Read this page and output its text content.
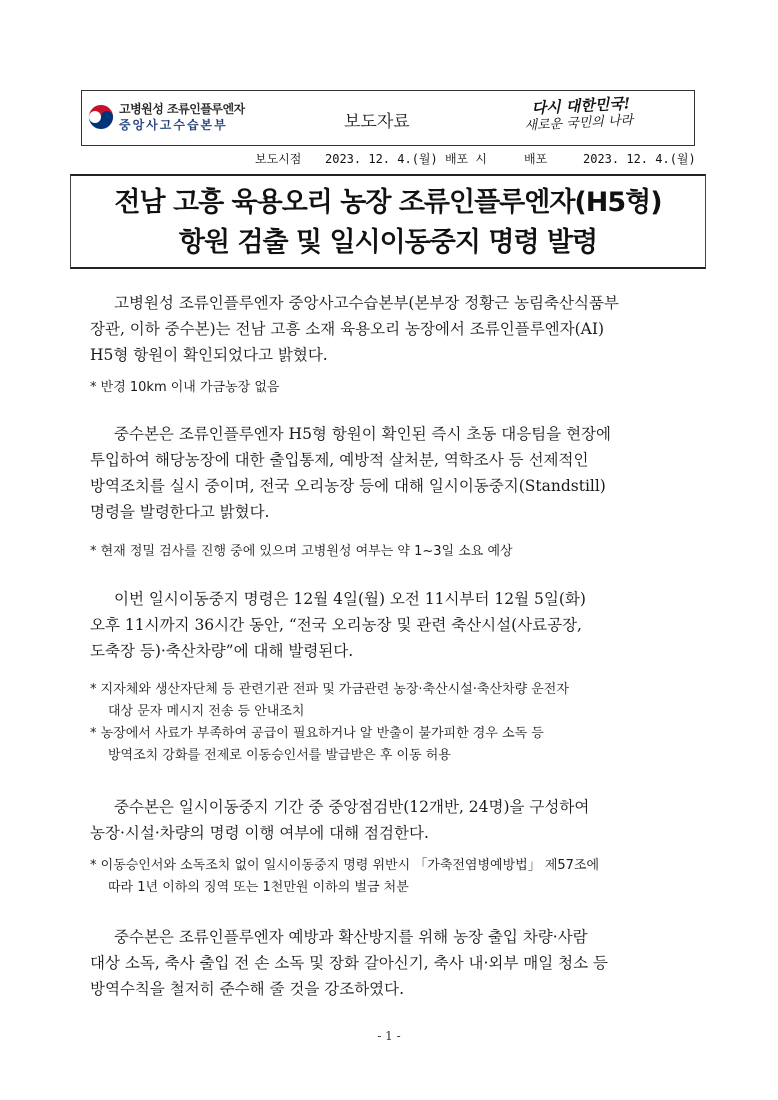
고병원성 조류인플루엔자
중앙사고수습본부	보도자료
다시 대한민국!
새로운 국민의 나라
보도시점 2023. 12. 4.(월) 배포 시	배포	2023. 12. 4.(월)
전남 고흥 육용오리 농장 조류인플루엔자(H5형)
항원 검출 및 일시이동중지 명령 발령
고병원성 조류인플루엔자 중앙사고수습본부(본부장 정황근 농림축산식품부
장관, 이하 중수본)는 전남 고흥 소재 육용오리 농장에서 조류인플루엔자(AI)
H5형 항원이 확인되었다고 밝혔다.
* 반경 10km 이내 가금농장 없음
중수본은 조류인플루엔자 H5형 항원이 확인된 즉시 초동 대응팀을 현장에
투입하여 해당농장에 대한 출입통제, 예방적 살처분, 역학조사 등 선제적인
방역조치를 실시 중이며, 전국 오리농장 등에 대해 일시이동중지(Standstill)
명령을 발령한다고 밝혔다.
* 현재 정밀 검사를 진행 중에 있으며 고병원성 여부는 약 1~3일 소요 예상
이번 일시이동중지 명령은 12월 4일(월) 오전 11시부터 12월 5일(화)
오후 11시까지 36시간 동안, “전국 오리농장 및 관련 축산시설(사료공장,
도축장 등)·축산차량”에 대해 발령된다.
* 지자체와 생산자단체 등 관련기관 전파 및 가금관련 농장·축산시설·축산차량 운전자
대상 문자 메시지 전송 등 안내조치
* 농장에서 사료가 부족하여 공급이 필요하거나 알 반출이 불가피한 경우 소독 등
방역조치 강화를 전제로 이동승인서를 발급받은 후 이동 허용
중수본은 일시이동중지 기간 중 중앙점검반(12개반, 24명)을 구성하여
농장·시설·차량의 명령 이행 여부에 대해 점검한다.
* 이동승인서와 소독조치 없이 일시이동중지 명령 위반시 「가축전염병예방법」 제57조에
따라 1년 이하의 징역 또는 1천만원 이하의 벌금 처분
중수본은 조류인플루엔자 예방과 확산방지를 위해 농장 출입 차량·사람
대상 소독, 축사 출입 전 손 소독 및 장화 갈아신기, 축사 내·외부 매일 청소 등
방역수칙을 철저히 준수해 줄 것을 강조하였다.
- 1 -
